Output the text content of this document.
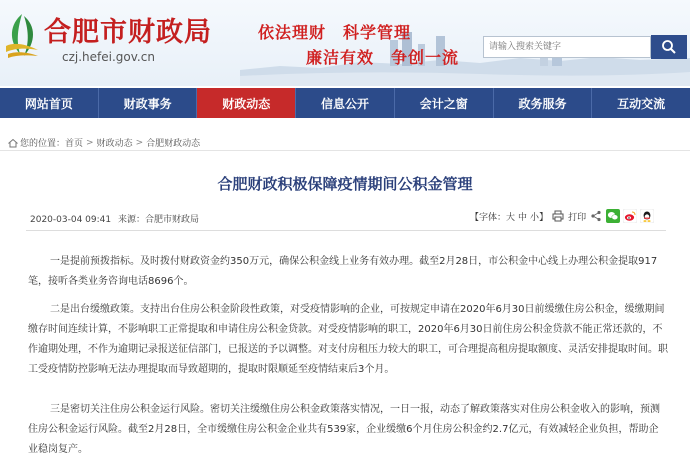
合肥市财政局
czj.hefei.gov.cn
依法理财　科学管理
廉洁有效　争创一流
请输入搜索关键字
网站首页	财政事务	财政动态	信息公开	会计之窗	政务服务	互动交流
您的位置： 首页 > 财政动态 > 合肥财政动态
合肥财政积极保障疫情期间公积金管理
2020-03-04 09:41 来源：合肥市财政局	【字体： 大 中 小 】 打印

一是提前预拨指标。及时拨付财政资金约350万元，确保公积金线上业务有效办理。截至2月28日，市公积金中心线上办理公积金提取917笔，接听各类业务咨询电话8696个。

二是出台缓缴政策。支持出台住房公积金阶段性政策，对受疫情影响的企业，可按规定申请在2020年6月30日前缓缴住房公积金，缓缴期间缴存时间连续计算，不影响职工正常提取和申请住房公积金贷款。对受疫情影响的职工，2020年6月30日前住房公积金贷款不能正常还款的，不作逾期处理，不作为逾期记录报送征信部门，已报送的予以调整。对支付房租压力较大的职工，可合理提高租房提取额度、灵活安排提取时间。职工受疫情防控影响无法办理提取而导致超期的，提取时限顺延至疫情结束后3个月。

三是密切关注住房公积金运行风险。密切关注缓缴住房公积金政策落实情况，一日一报，动态了解政策落实对住房公积金收入的影响，预测住房公积金运行风险。截至2月28日，全市缓缴住房公积金企业共有539家，企业缓缴6个月住房公积金约2.7亿元，有效减轻企业负担，帮助企业稳岗复产。
